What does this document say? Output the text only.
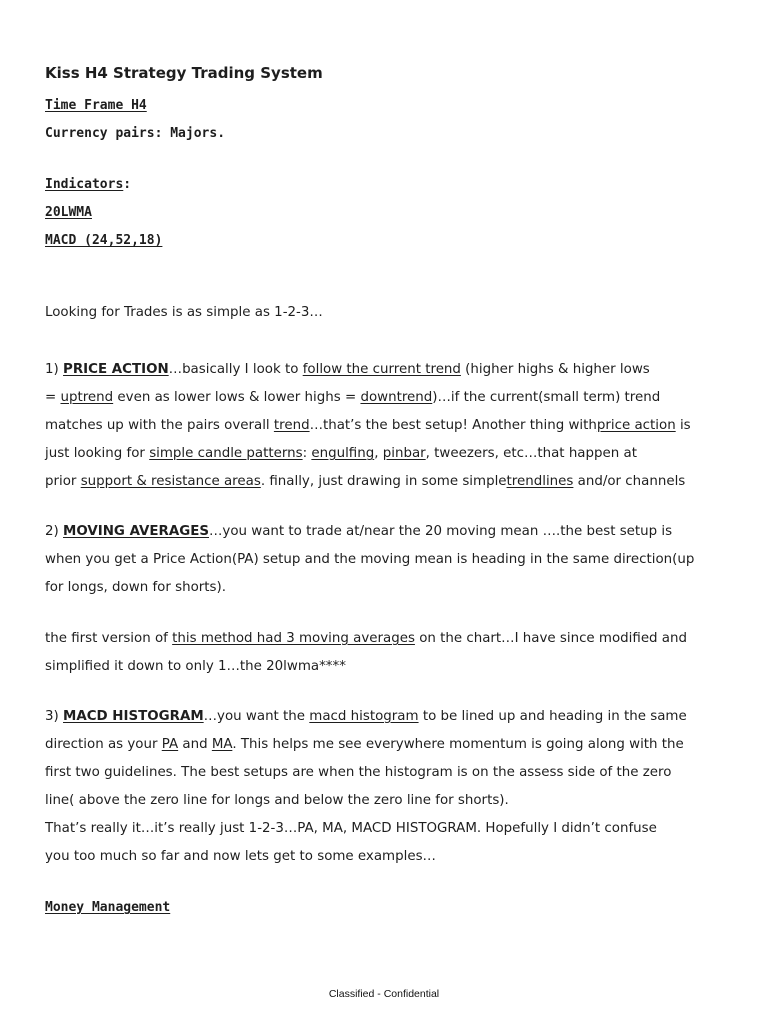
Kiss H4 Strategy Trading System
Time Frame H4
Currency pairs: Majors.
Indicators:
20LWMA
MACD (24,52,18)
Looking for Trades is as simple as 1-2-3…
1) PRICE ACTION…basically I look to follow the current trend (higher highs & higher lows
= uptrend even as lower lows & lower highs = downtrend)…if the current(small term) trend
matches up with the pairs overall trend…that’s the best setup! Another thing withprice action is
just looking for simple candle patterns: engulfing, pinbar, tweezers, etc…that happen at
prior support & resistance areas. finally, just drawing in some simpletrendlines and/or channels
2) MOVING AVERAGES…you want to trade at/near the 20 moving mean ….the best setup is
when you get a Price Action(PA) setup and the moving mean is heading in the same direction(up
for longs, down for shorts).
the first version of this method had 3 moving averages on the chart…I have since modified and
simplified it down to only 1…the 20lwma****
3) MACD HISTOGRAM…you want the macd histogram to be lined up and heading in the same
direction as your PA and MA. This helps me see everywhere momentum is going along with the
first two guidelines. The best setups are when the histogram is on the assess side of the zero
line( above the zero line for longs and below the zero line for shorts).
That’s really it…it’s really just 1-2-3…PA, MA, MACD HISTOGRAM. Hopefully I didn’t confuse
you too much so far and now lets get to some examples…
Money Management
Classified - Confidential
